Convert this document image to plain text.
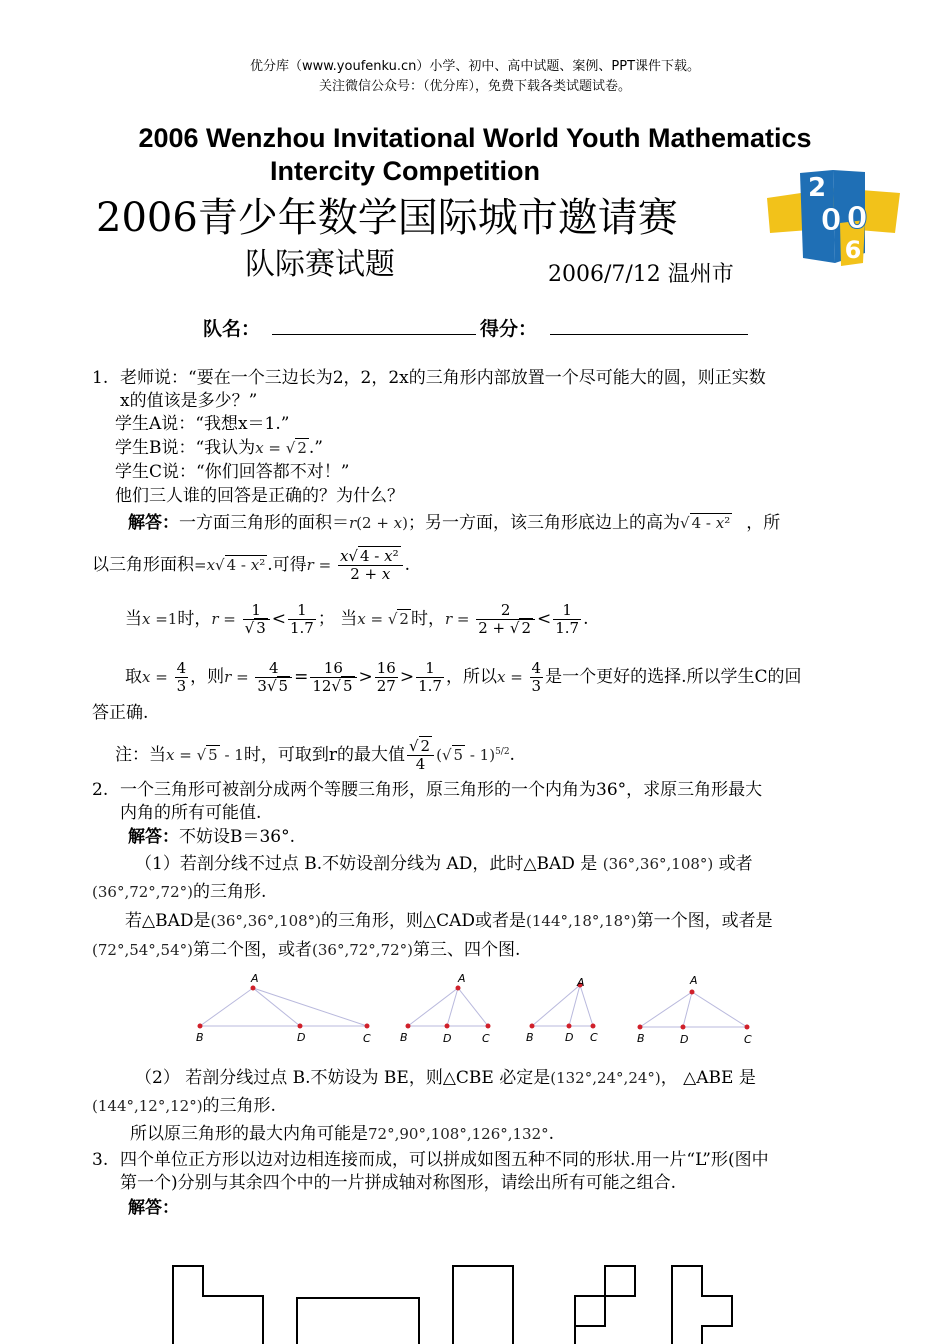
优分库（www.youfenku.cn）小学、初中、高中试题、案例、PPT课件下载。
关注微信公众号：（优分库），免费下载各类试题试卷。
2006 Wenzhou Invitational World Youth Mathematics
Intercity Competition
2006青少年数学国际城市邀请赛
队际赛试题	2006/7/12 温州市
2
0 0
6
队名：	得分：
1. 老师说：“要在一个三边长为2，2，2x的三角形内部放置一个尽可能大的圆，则正实数
x的值该是多少？”
学生A说：“我想x＝1.”
学生B说：“我认为x = √ 2 .”
学生C说：“你们回答都不对！”
他们三人谁的回答是正确的？为什么？
解答：一方面三角形的面积＝r(2 + x)；另一方面，该三角形底边上的高为√ 4 - x² ，所
以三角形面积=x√ 4 - x² .可得$r = \frac{\text{x√ 4 - x²}}{2 + x}$ .
当x =1时，$r = \frac{1}{√ 3} < \frac{1}{1.7}$ ； 当x = √ 2 时，$r = \frac{2}{2 + √ 2} < \frac{1}{1.7}$ .
取$x = \frac{4}{3}$ ，则$r = \frac{4}{3√ 5} = \frac{16}{12√ 5} > \frac{16}{27} > \frac{1}{1.7}$ ，所以$x = \frac{4}{3}$ 是一个更好的选择.所以学生C的回
答正确.
注：当x = √ 5 - 1时，可取到r的最大值 $\frac{√ 2}{4}$ (√ 5 - 1)$^{5/2}$.
2. 一个三角形可被剖分成两个等腰三角形，原三角形的一个内角为36°，求原三角形最大
内角的所有可能值.
解答：不妨设B＝36°.
（1）若剖分线不过点 B.不妨设剖分线为 AD，此时△BAD 是 (36°,36°,108°) 或者
(36°,72°,72°)的三角形.
若△BAD是(36°,36°,108°)的三角形，则△CAD或者是(144°,18°,18°)第一个图，或者是
(72°,54°,54°)第二个图，或者(36°,72°,72°)第三、四个图.
A
B	D	C
A
B	D	C
A
B	D C
A
B	D	C
（2） 若剖分线过点 B.不妨设为 BE，则△CBE 必定是(132°,24°,24°)， △ABE 是
(144°,12°,12°)的三角形.
所以原三角形的最大内角可能是72°,90°,108°,126°,132°.
3. 四个单位正方形以边对边相连接而成，可以拼成如图五种不同的形状.用一片“L”形(图中
第一个)分别与其余四个中的一片拼成轴对称图形，请绘出所有可能之组合.
解答：
